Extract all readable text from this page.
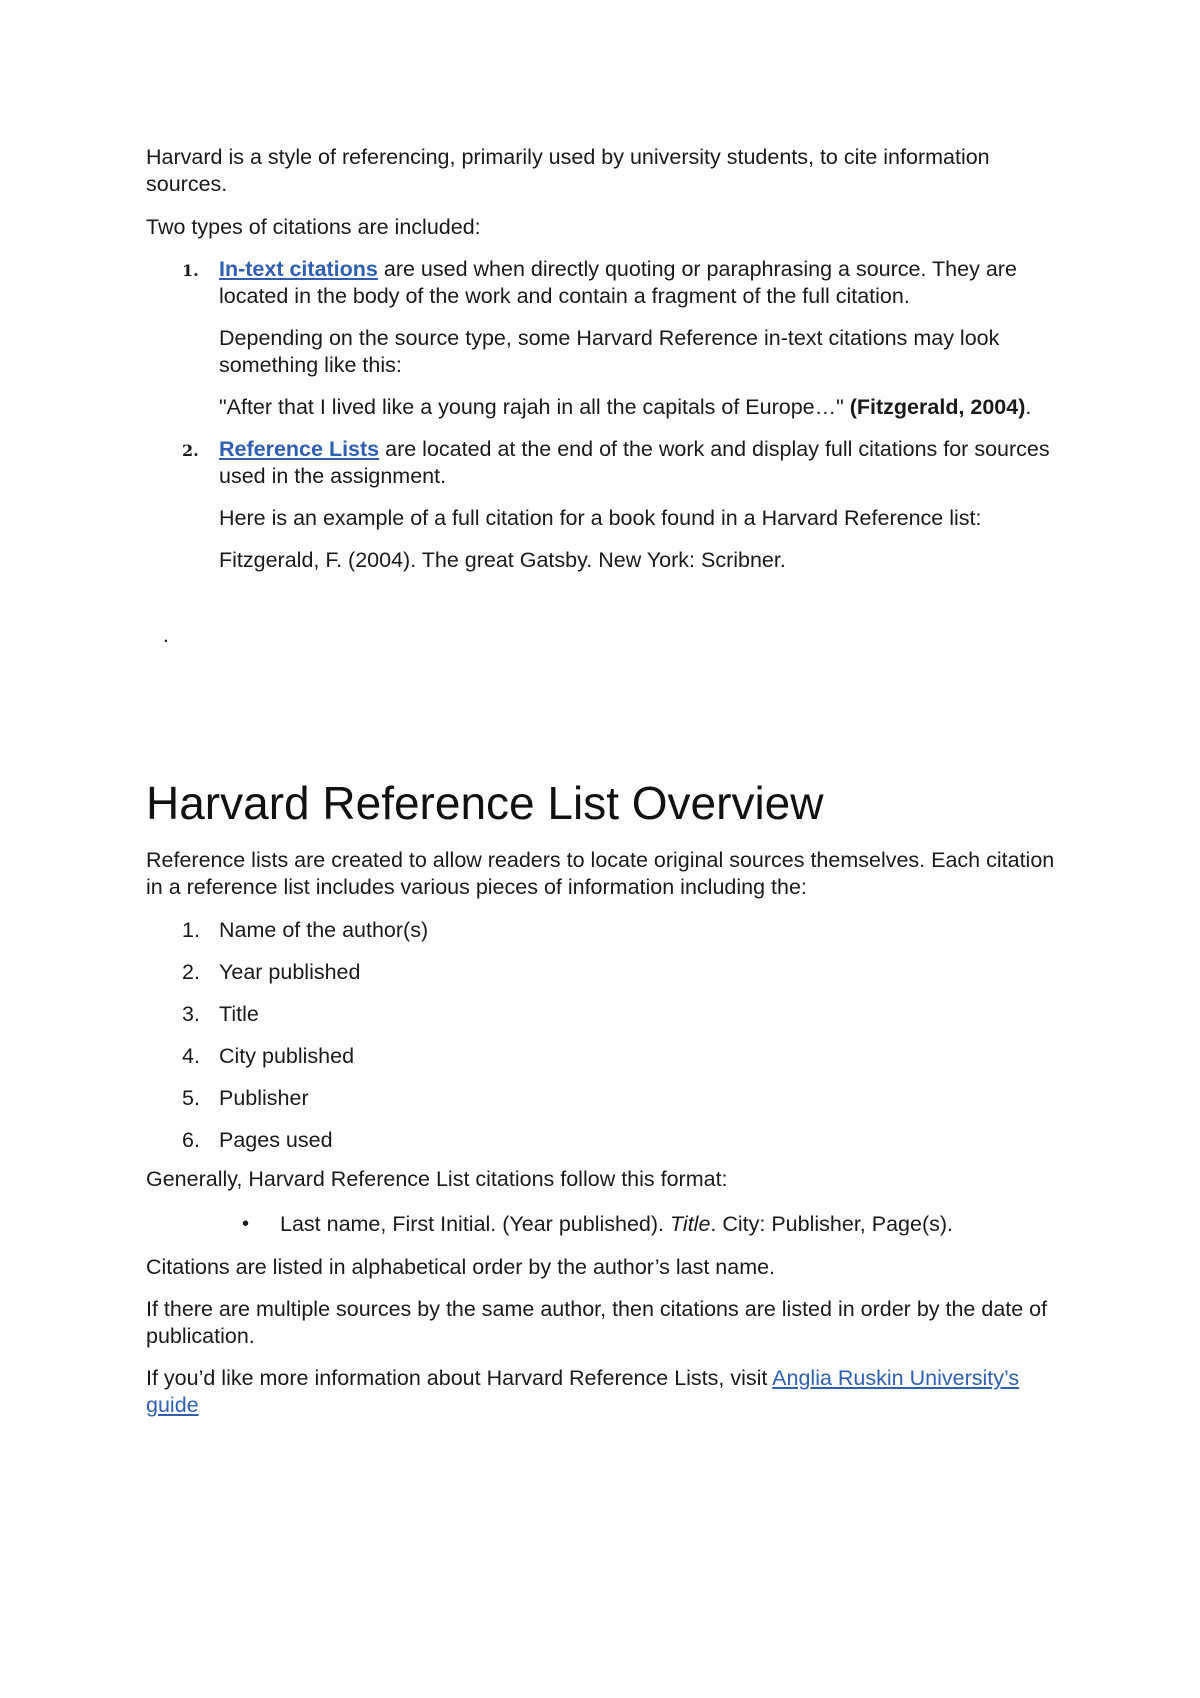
Harvard is a style of referencing, primarily used by university students, to cite information sources.

Two types of citations are included:

1. In-text citations are used when directly quoting or paraphrasing a source. They are located in the body of the work and contain a fragment of the full citation.

Depending on the source type, some Harvard Reference in-text citations may look something like this:

"After that I lived like a young rajah in all the capitals of Europe…" (Fitzgerald, 2004).

2. Reference Lists are located at the end of the work and display full citations for sources used in the assignment.

Here is an example of a full citation for a book found in a Harvard Reference list:

Fitzgerald, F. (2004). The great Gatsby. New York: Scribner.

.

Harvard Reference List Overview

Reference lists are created to allow readers to locate original sources themselves. Each citation in a reference list includes various pieces of information including the:

1. Name of the author(s)
2. Year published
3. Title
4. City published
5. Publisher
6. Pages used

Generally, Harvard Reference List citations follow this format:

• Last name, First Initial. (Year published). Title. City: Publisher, Page(s).

Citations are listed in alphabetical order by the author’s last name.

If there are multiple sources by the same author, then citations are listed in order by the date of publication.

If you’d like more information about Harvard Reference Lists, visit Anglia Ruskin University’s guide
